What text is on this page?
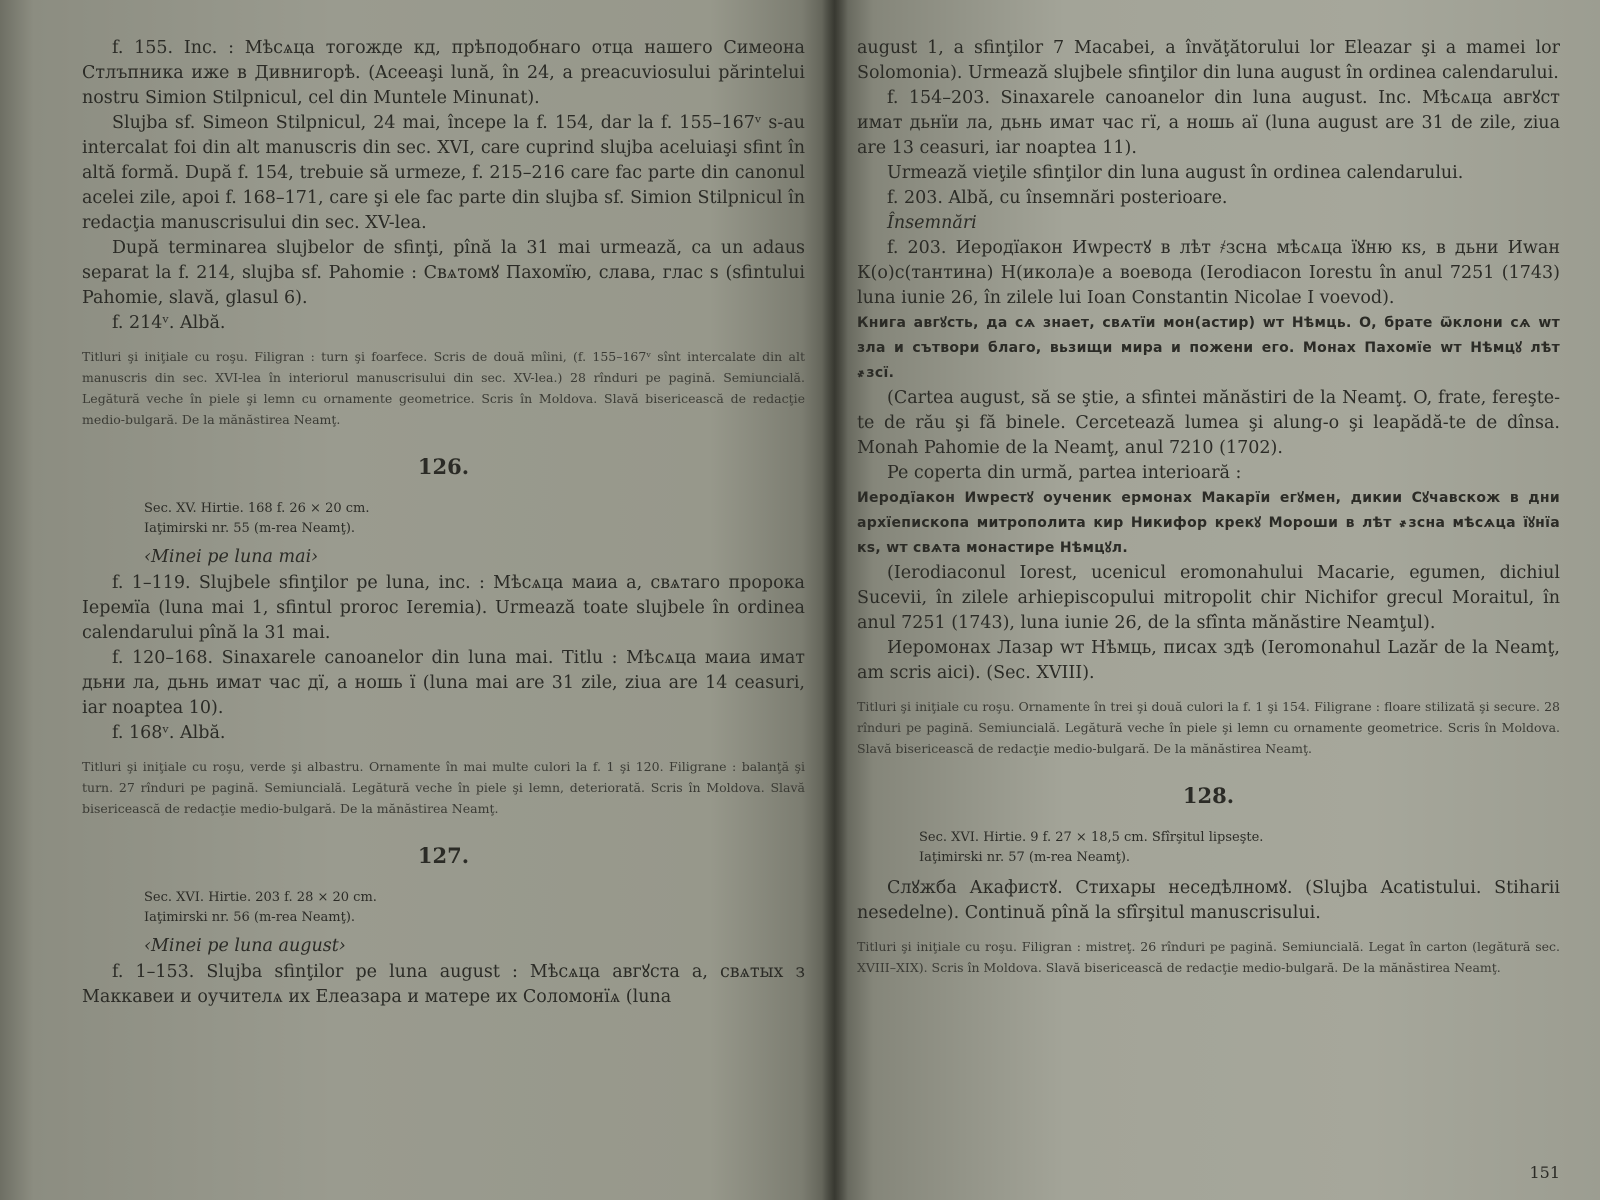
f. 155. Inc. : Мѣсѧца тогожде кд, прѣподобнаго отца нашего Симеона Стлъпника иже в Дивнигорѣ. (Aceeaşi lună, în 24, a preacuviosului părintelui nostru Simion Stilpnicul, cel din Muntele Minunat).

Slujba sf. Simeon Stilpnicul, 24 mai, începe la f. 154, dar la f. 155–167ᵛ s-au intercalat foi din alt manuscris din sec. XVI, care cuprind slujba aceluiaşi sfint în altă formă. După f. 154, trebuie să urmeze, f. 215–216 care fac parte din canonul acelei zile, apoi f. 168–171, care şi ele fac parte din slujba sf. Simion Stilpnicul în redacţia manuscrisului din sec. XV-lea.

După terminarea slujbelor de sfinţi, pînă la 31 mai urmează, ca un adaus separat la f. 214, slujba sf. Pahomie : Свѧтомꙋ Пахомїю, слава, глас ѕ (sfintului Pahomie, slavă, glasul 6).

f. 214ᵛ. Albă.

Titluri şi iniţiale cu roşu. Filigran : turn şi foarfece. Scris de două mîini, (f. 155–167ᵛ sînt intercalate din alt manuscris din sec. XVI-lea în interiorul manuscrisului din sec. XV-lea.) 28 rînduri pe pagină. Semiuncială. Legătură veche în piele şi lemn cu ornamente geometrice. Scris în Moldova. Slavă bisericească de redacţie medio-bulgară. De la mănăstirea Neamţ.

126.

Sec. XV. Hirtie. 168 f. 26 × 20 cm.

Iaţimirski nr. 55 (m-rea Neamţ).

‹Minei pe luna mai›

f. 1–119. Slujbele sfinţilor pe luna, inc. : Мѣсѧца маиа а, свѧтаго пророка Іеремїа (luna mai 1, sfintul proroc Ieremia). Urmează toate slujbele în ordinea calendarului pînă la 31 mai.

f. 120–168. Sinaxarele canoanelor din luna mai. Titlu : Мѣсѧца маиа имат дьни ла, дьнь имат час дї, а ношь ї (luna mai are 31 zile, ziua are 14 ceasuri, iar noaptea 10).

f. 168ᵛ. Albă.

Titluri şi iniţiale cu roşu, verde şi albastru. Ornamente în mai multe culori la f. 1 şi 120. Filigrane : balanţă şi turn. 27 rînduri pe pagină. Semiuncială. Legătură veche în piele şi lemn, deteriorată. Scris în Moldova. Slavă bisericească de redacţie medio-bulgară. De la mănăstirea Neamţ.

127.

Sec. XVI. Hirtie. 203 f. 28 × 20 cm.

Iaţimirski nr. 56 (m-rea Neamţ).

‹Minei pe luna august›

f. 1–153. Slujba sfinţilor pe luna august : Мѣсѧца авгꙋста а, свѧтых з Маккавеи и оучителѧ их Елеазара и матере их Соломонїѧ (luna

august 1, a sfinţilor 7 Macabei, a învăţătorului lor Eleazar şi a mamei lor Solomonia). Urmează slujbele sfinţilor din luna august în ordinea calendarului.

f. 154–203. Sinaxarele canoanelor din luna august. Inc. Мѣсѧца авгꙋст имат дьнїи ла, дьнь имат час гї, а ношь аї (luna august are 31 de zile, ziua are 13 ceasuri, iar noaptea 11).

Urmează vieţile sfinţilor din luna august în ordinea calendarului.

f. 203. Albă, cu însemnări posterioare.

Însemnări

f. 203. Иеродїакон Иwрестꙋ в лѣт ҂зсна мѣсѧца їꙋню кѕ, в дьни Иwан К(о)с(тантина) Н(икола)е а воевода (Ierodiacon Iorestu în anul 7251 (1743) luna iunie 26, în zilele lui Ioan Constantin Nicolae I voevod).

Книга авгꙋсть, да сѧ знает, свѧтїи мон(астир) wт Нѣмць. О, брате ѿклони сѧ wт зла и сътвори благо, вьзищи мира и пожени его. Монах Пахомїе wт Нѣмцꙋ лѣт ҂зсї.

(Cartea august, să se ştie, a sfintei mănăstiri de la Neamţ. O, frate, fereşte-te de rău şi fă binele. Cercetează lumea şi alung-o şi leapădă-te de dînsa. Monah Pahomie de la Neamţ, anul 7210 (1702).

Pe coperta din urmă, partea interioară :

Иеродїакон Иwрестꙋ оученик ермонах Макарїи егꙋмен, дикии Сꙋчавскож в дни архїепископа митрополита кир Никифор крекꙋ Мороши в лѣт ҂зсна мѣсѧца їꙋнїа кѕ, wт свѧта монастире Нѣмцꙋл.

(Ierodiaconul Iorest, ucenicul eromonahului Macarie, egumen, dichiul Sucevii, în zilele arhiepiscopului mitropolit chir Nichifor grecul Moraitul, în anul 7251 (1743), luna iunie 26, de la sfînta mănăstire Neamţul).

Иеромонах Лазар wт Нѣмць, писах здѣ (Ieromonahul Lazăr de la Neamţ, am scris aici). (Sec. XVIII).

Titluri şi iniţiale cu roşu. Ornamente în trei şi două culori la f. 1 şi 154. Filigrane : floare stilizată şi secure. 28 rînduri pe pagină. Semiuncială. Legătură veche în piele şi lemn cu ornamente geometrice. Scris în Moldova. Slavă bisericească de redacţie medio-bulgară. De la mănăstirea Neamţ.

128.

Sec. XVI. Hirtie. 9 f. 27 × 18,5 cm. Sfîrşitul lipseşte.

Iaţimirski nr. 57 (m-rea Neamţ).

Слꙋжба Акафистꙋ. Стихары неседѣлномꙋ. (Slujba Acatistului. Stiharii nesedelne). Continuă pînă la sfîrşitul manuscrisului.

Titluri şi iniţiale cu roşu. Filigran : mistreţ. 26 rînduri pe pagină. Semiuncială. Legat în carton (legătură sec. XVIII–XIX). Scris în Moldova. Slavă bisericească de redacţie medio-bulgară. De la mănăstirea Neamţ.

151
